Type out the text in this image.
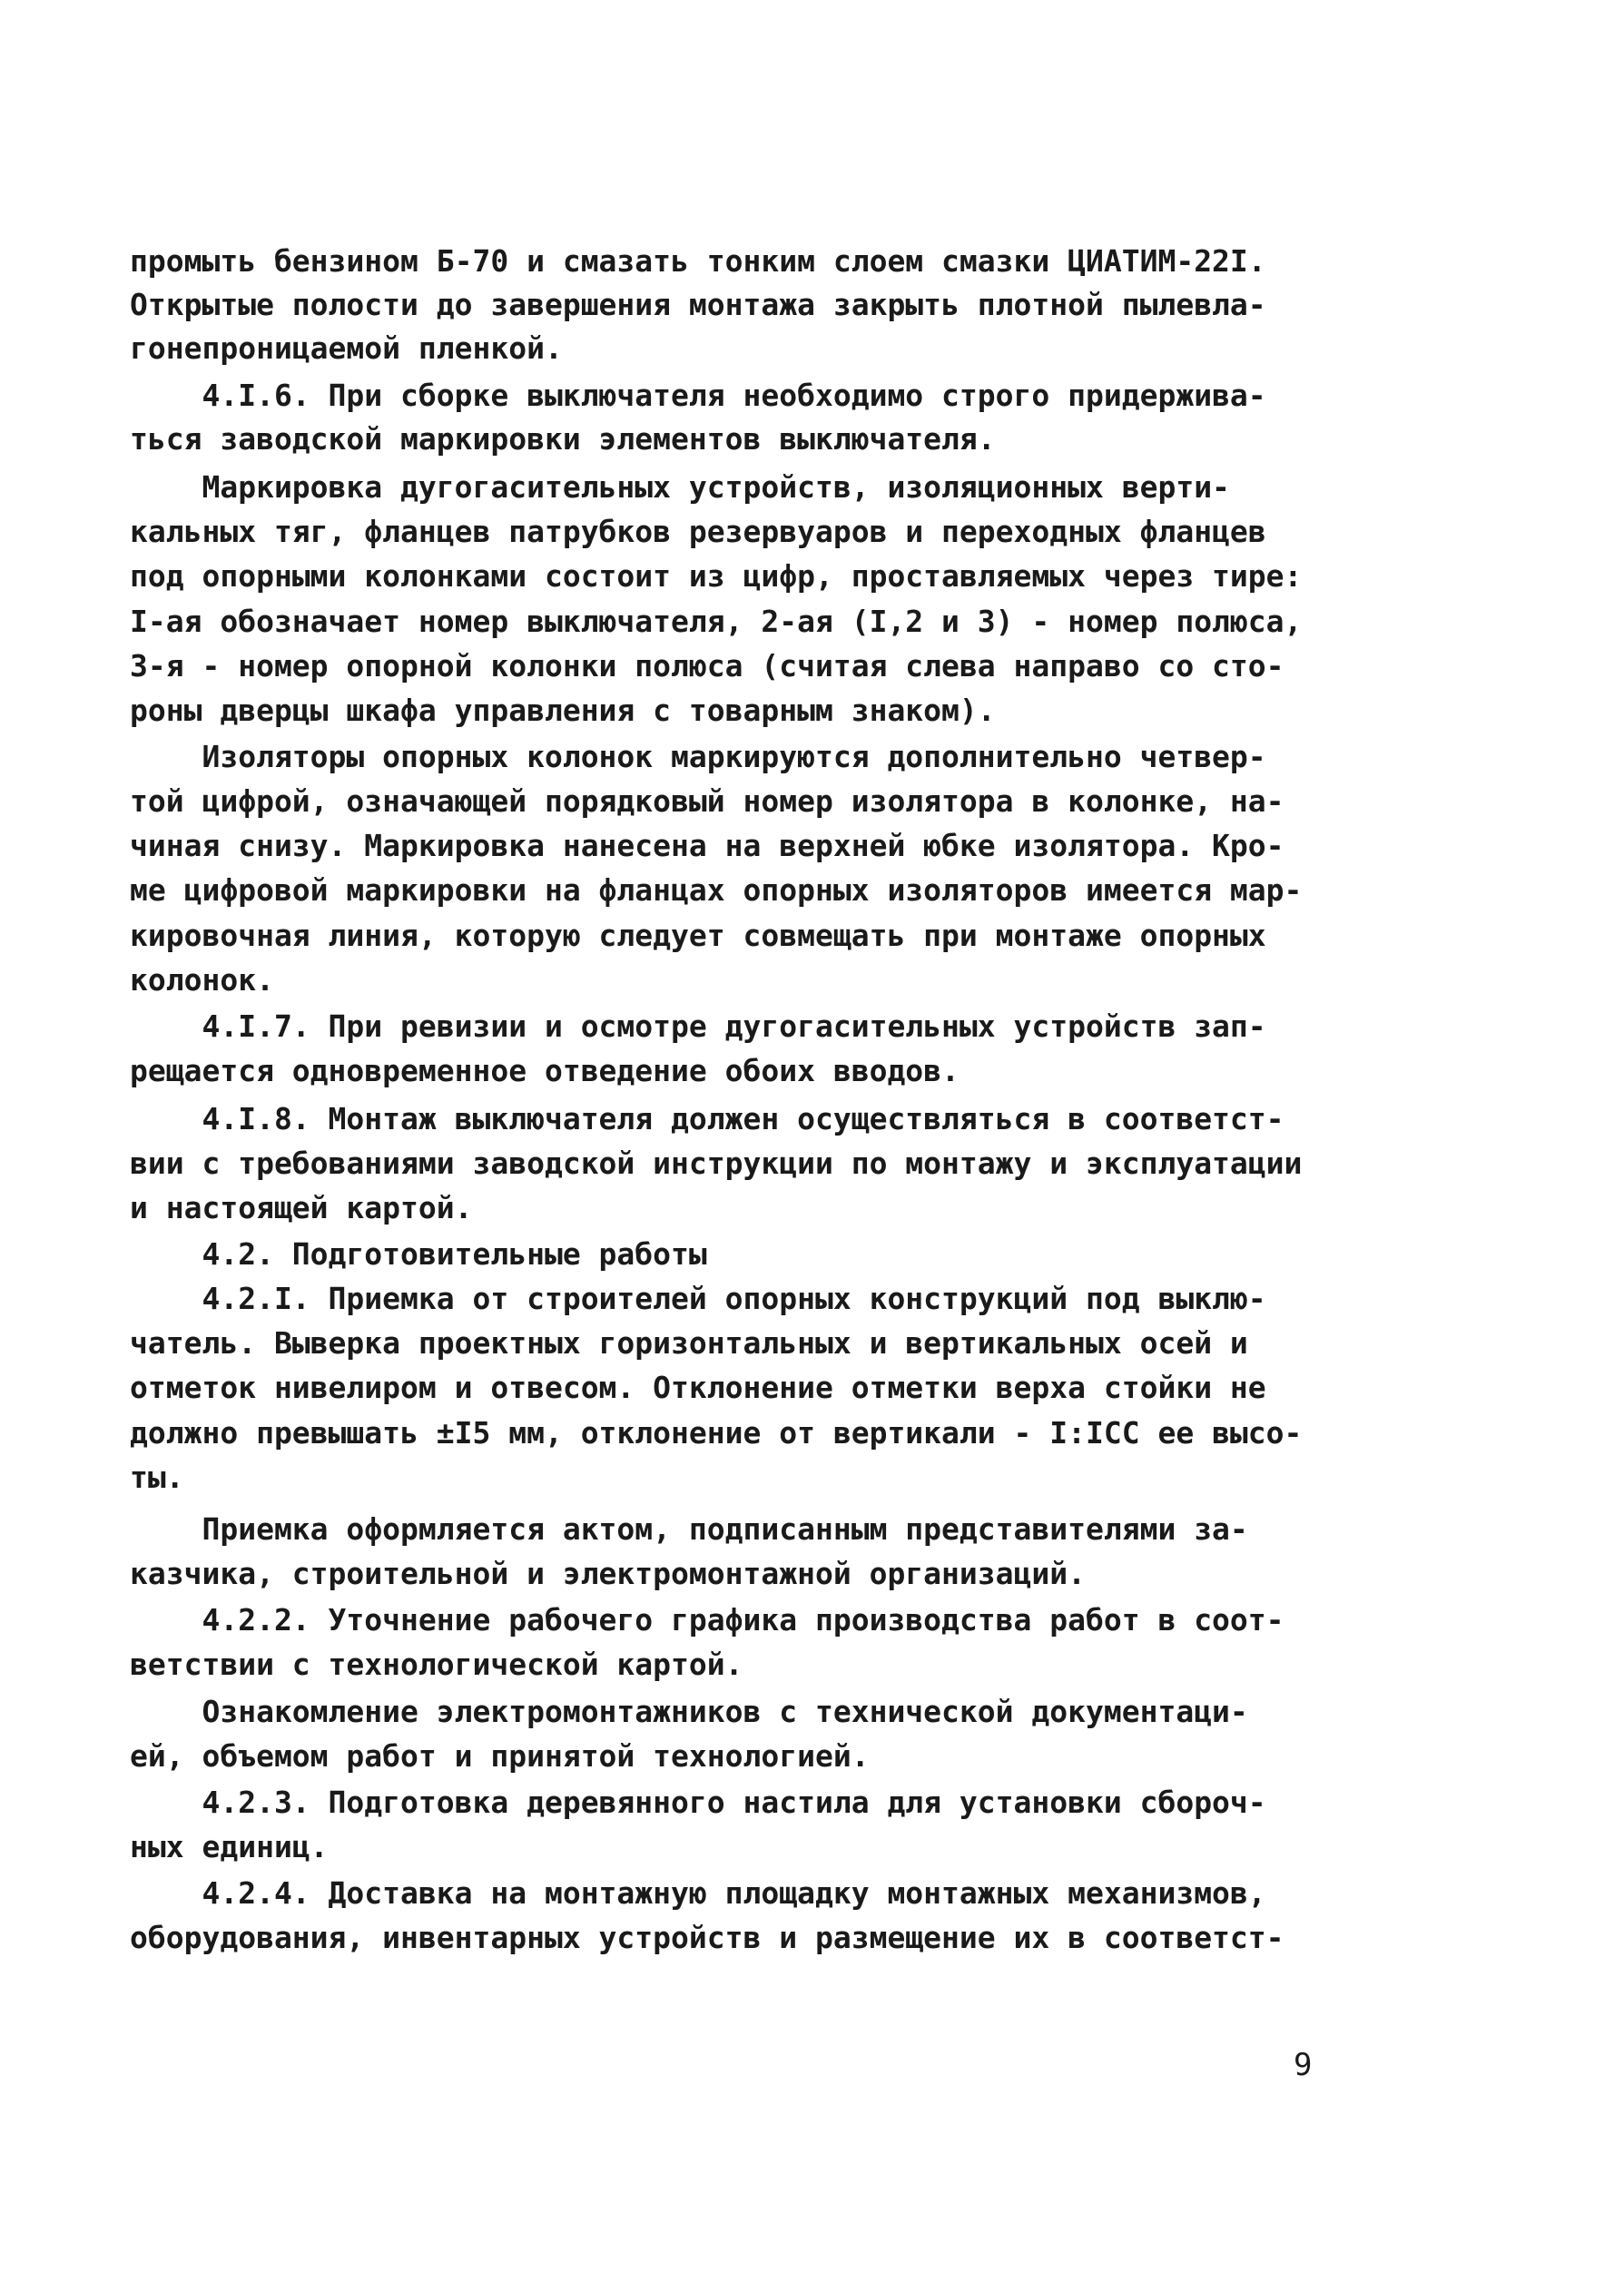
промыть бензином Б-70 и смазать тонким слоем смазки ЦИАТИМ-22I.
Открытые полости до завершения монтажа закрыть плотной пылевла-
гонепроницаемой пленкой.
4.I.6. При сборке выключателя необходимо строго придержива-
ться заводской маркировки элементов выключателя.
Маркировка дугогасительных устройств, изоляционных верти-
кальных тяг, фланцев патрубков резервуаров и переходных фланцев
под опорными колонками состоит из цифр, проставляемых через тире:
I-ая обозначает номер выключателя, 2-ая (I,2 и 3) - номер полюса,
3-я - номер опорной колонки полюса (считая слева направо со сто-
роны дверцы шкафа управления с товарным знаком).
Изоляторы опорных колонок маркируются дополнительно четвер-
той цифрой, означающей порядковый номер изолятора в колонке, на-
чиная снизу. Маркировка нанесена на верхней юбке изолятора. Кро-
ме цифровой маркировки на фланцах опорных изоляторов имеется мар-
кировочная линия, которую следует совмещать при монтаже опорных
колонок.
4.I.7. При ревизии и осмотре дугогасительных устройств зап-
рещается одновременное отведение обоих вводов.
4.I.8. Монтаж выключателя должен осуществляться в соответст-
вии с требованиями заводской инструкции по монтажу и эксплуатации
и настоящей картой.
4.2. Подготовительные работы
4.2.I. Приемка от строителей опорных конструкций под выклю-
чатель. Выверка проектных горизонтальных и вертикальных осей и
отметок нивелиром и отвесом. Отклонение отметки верха стойки не
должно превышать ±I5 мм, отклонение от вертикали - I:IСС ее высо-
ты.
Приемка оформляется актом, подписанным представителями за-
казчика, строительной и электромонтажной организаций.
4.2.2. Уточнение рабочего графика производства работ в соот-
ветствии с технологической картой.
Ознакомление электромонтажников с технической документаци-
ей, объемом работ и принятой технологией.
4.2.3. Подготовка деревянного настила для установки сбороч-
ных единиц.
4.2.4. Доставка на монтажную площадку монтажных механизмов,
оборудования, инвентарных устройств и размещение их в соответст-
9
